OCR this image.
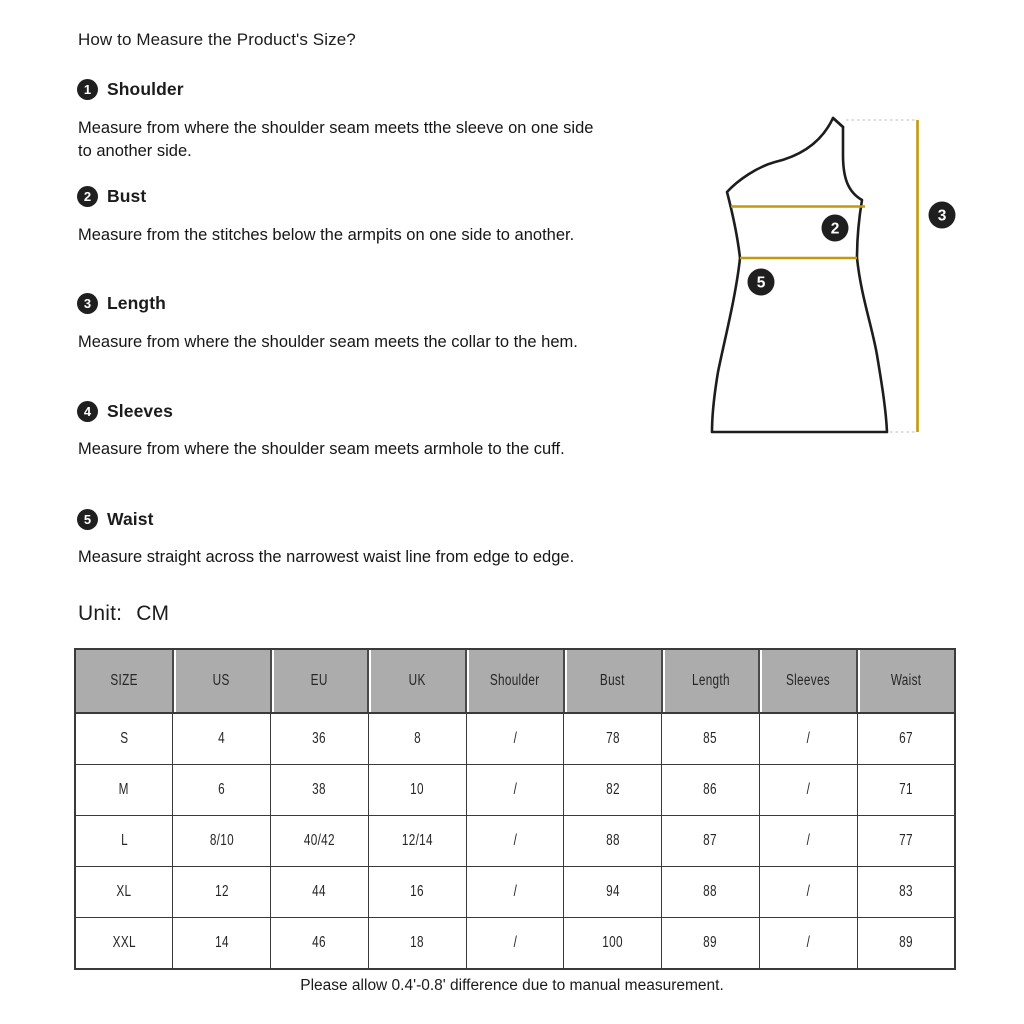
How to Measure the Product's Size?
1 Shoulder
Measure from where the shoulder seam meets tthe sleeve on one side to another side.
2 Bust
Measure from the stitches below the armpits on one side to another.
3 Length
Measure from where the shoulder seam meets the collar to the hem.
4 Sleeves
Measure from where the shoulder seam meets armhole to the cuff.
5 Waist
Measure straight across the narrowest waist line from edge to edge.
Unit: CM
2
5
3
SIZE	US	EU	UK	Shoulder	Bust	Length	Sleeves	Waist
S	4	36	8	/	78	85	/	67
M	6	38	10	/	82	86	/	71
L	8/10	40/42	12/14	/	88	87	/	77
XL	12	44	16	/	94	88	/	83
XXL	14	46	18	/	100	89	/	89
Please allow 0.4'-0.8' difference due to manual measurement.
